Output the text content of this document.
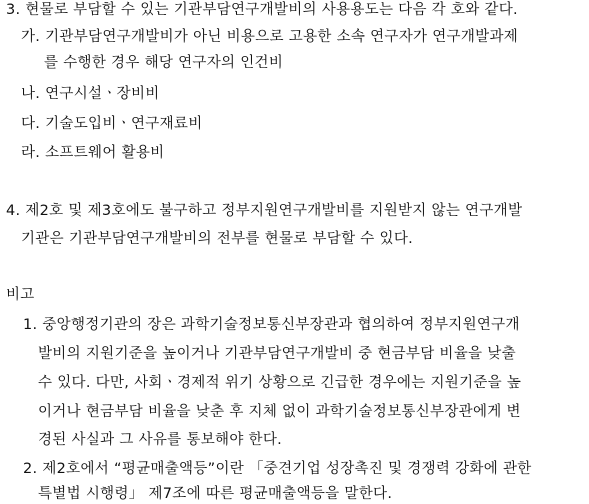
3. 현물로 부담할 수 있는 기관부담연구개발비의 사용용도는 다음 각 호와 같다.
가. 기관부담연구개발비가 아닌 비용으로 고용한 소속 연구자가 연구개발과제
를 수행한 경우 해당 연구자의 인건비
나. 연구시설ㆍ장비비
다. 기술도입비ㆍ연구재료비
라. 소프트웨어 활용비
4. 제2호 및 제3호에도 불구하고 정부지원연구개발비를 지원받지 않는 연구개발
기관은 기관부담연구개발비의 전부를 현물로 부담할 수 있다.
비고
1. 중앙행정기관의 장은 과학기술정보통신부장관과 협의하여 정부지원연구개
발비의 지원기준을 높이거나 기관부담연구개발비 중 현금부담 비율을 낮출
수 있다. 다만, 사회ㆍ경제적 위기 상황으로 긴급한 경우에는 지원기준을 높
이거나 현금부담 비율을 낮춘 후 지체 없이 과학기술정보통신부장관에게 변
경된 사실과 그 사유를 통보해야 한다.
2. 제2호에서 “평균매출액등”이란 「중견기업 성장촉진 및 경쟁력 강화에 관한
특별법 시행령」 제7조에 따른 평균매출액등을 말한다.
